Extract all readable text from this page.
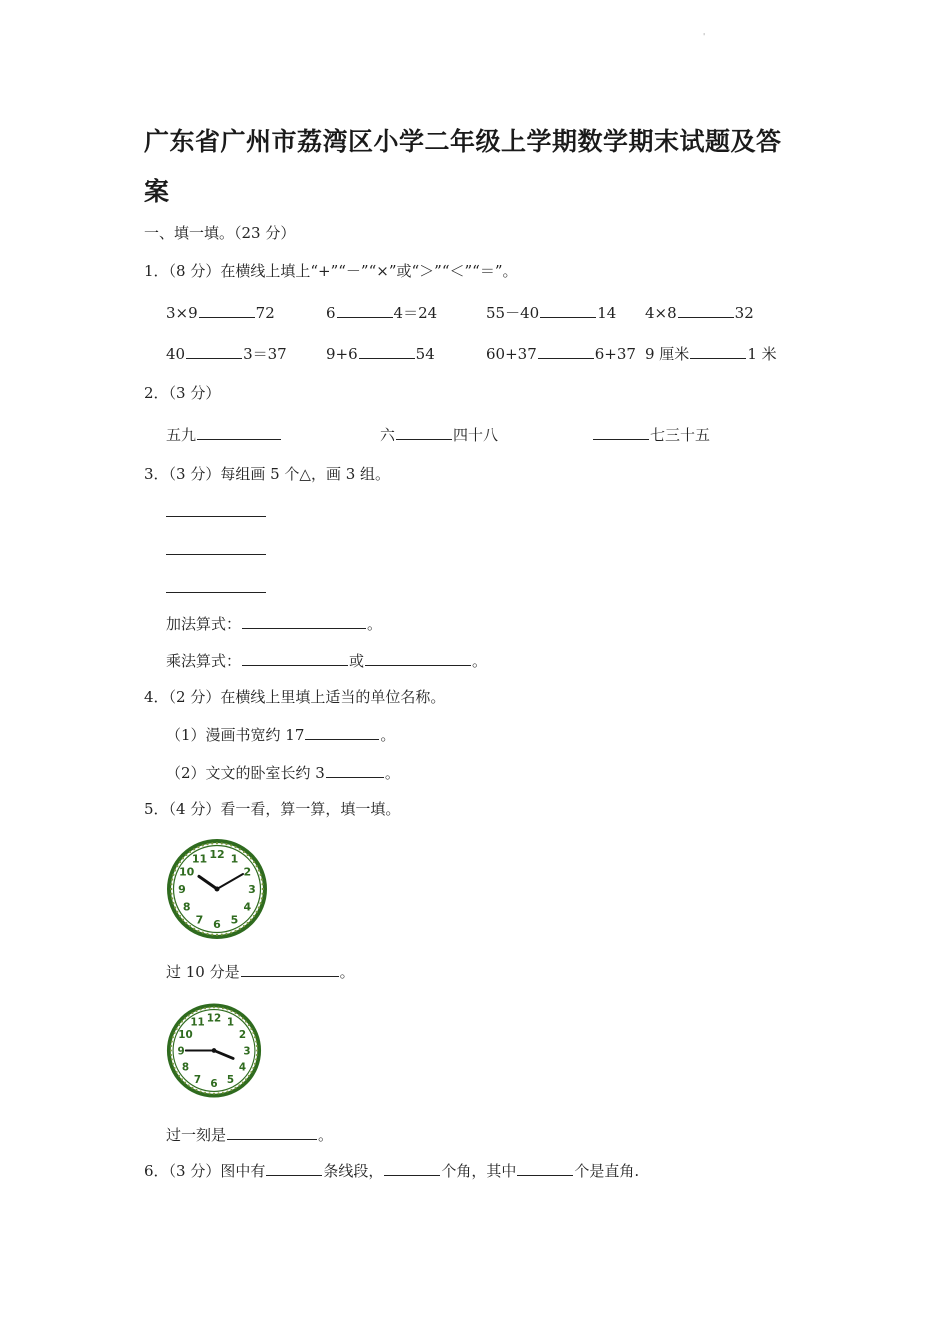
'
广东省广州市荔湾区小学二年级上学期数学期末试题及答
案
一、填一填。（23 分）
1．（8 分）在横线上填上“+”“－”“×”或“＞”“＜”“＝”。
3×9	72	6	4＝24	55－40	14 4×8	32
40	3＝37	9+6	54	60+37	6+37 9 厘米	1 米
2．（3 分）
五九	六	四十八	七三十五
3．（3 分）每组画 5 个△，画 3 组。
加法算式：	。
乘法算式：	或	。
4．（2 分）在横线上里填上适当的单位名称。
（1）漫画书宽约 17	。
（2）文文的卧室长约 3	。
5．（4 分）看一看，算一算，填一填。
12 1
2
3
4
5
6
7
8
9
10
11
过 10 分是	。
12 1
2
3
4
5
6
7
8
9
10
11
过一刻是	。
6．（3 分）图中有	条线段，	个角，其中	个是直角.
